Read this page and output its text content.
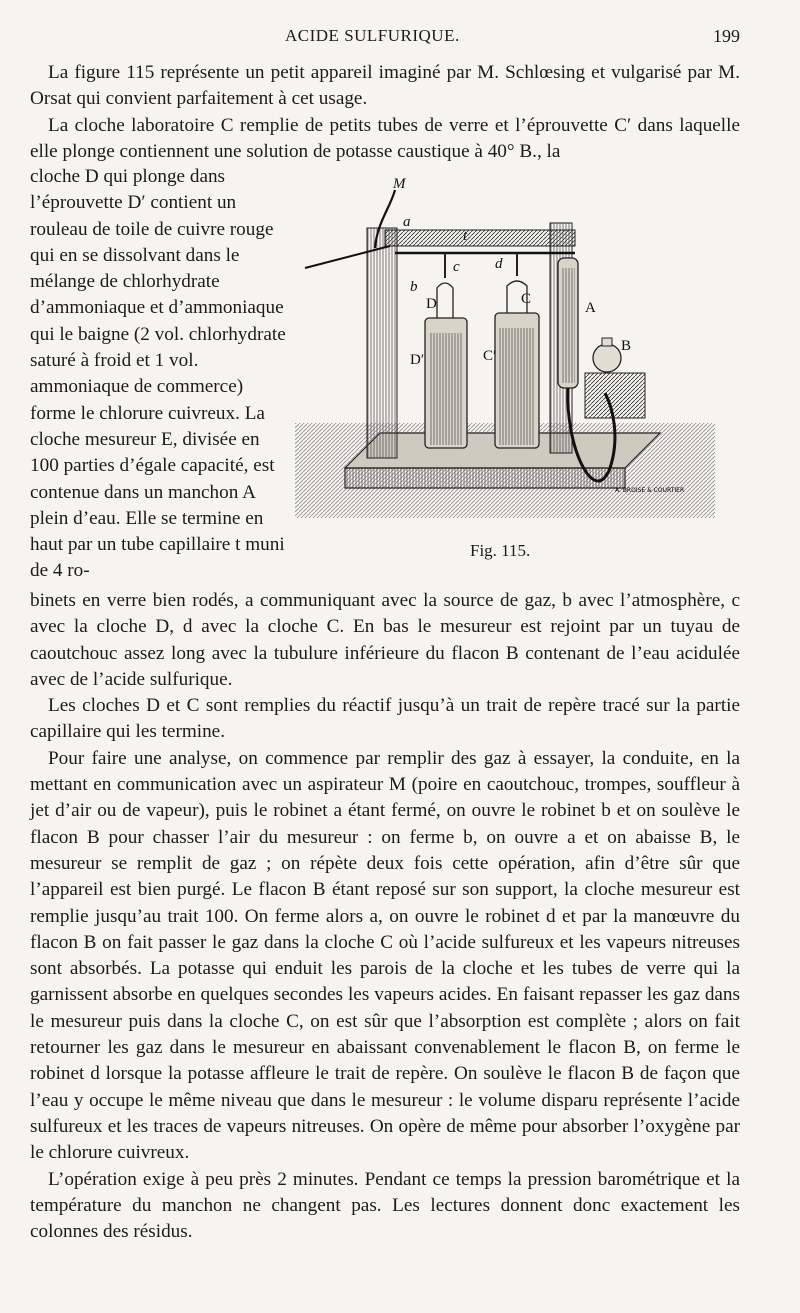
ACIDE SULFURIQUE.	199

La figure 115 représente un petit appareil imaginé par M. Schlœsing et vulgarisé par M. Orsat qui convient parfaitement à cet usage.

La cloche laboratoire C remplie de petits tubes de verre et l’éprouvette C′ dans laquelle elle plonge contiennent une solution de potasse caustique à 40° B., la

cloche D qui plonge dans l’éprouvette D′ contient un rouleau de toile de cuivre rouge qui en se dissolvant dans le mélange de chlorhydrate d’ammoniaque et d’ammoniaque qui le baigne (2 vol. chlorhydrate saturé à froid et 1 vol. ammoniaque de commerce) forme le chlorure cuivreux. La cloche mesureur E, divisée en 100 parties d’égale capacité, est contenue dans un manchon A plein d’eau. Elle se termine en haut par un tube capillaire t muni de 4 ro-

M
a
t
d
c
b
D	C
A
B
D′	C′
A. BROISE & COURTIER
Fig. 115.

binets en verre bien rodés, a communiquant avec la source de gaz, b avec l’atmosphère, c avec la cloche D, d avec la cloche C. En bas le mesureur est rejoint par un tuyau de caoutchouc assez long avec la tubulure inférieure du flacon B contenant de l’eau acidulée avec de l’acide sulfurique.

Les cloches D et C sont remplies du réactif jusqu’à un trait de repère tracé sur la partie capillaire qui les termine.

Pour faire une analyse, on commence par remplir des gaz à essayer, la conduite, en la mettant en communication avec un aspirateur M (poire en caoutchouc, trompes, souffleur à jet d’air ou de vapeur), puis le robinet a étant fermé, on ouvre le robinet b et on soulève le flacon B pour chasser l’air du mesureur : on ferme b, on ouvre a et on abaisse B, le mesureur se remplit de gaz ; on répète deux fois cette opération, afin d’être sûr que l’appareil est bien purgé. Le flacon B étant reposé sur son support, la cloche mesureur est remplie jusqu’au trait 100. On ferme alors a, on ouvre le robinet d et par la manœuvre du flacon B on fait passer le gaz dans la cloche C où l’acide sulfureux et les vapeurs nitreuses sont absorbés. La potasse qui enduit les parois de la cloche et les tubes de verre qui la garnissent absorbe en quelques secondes les vapeurs acides. En faisant repasser les gaz dans le mesureur puis dans la cloche C, on est sûr que l’absorption est complète ; alors on fait retourner les gaz dans le mesureur en abaissant convenablement le flacon B, on ferme le robinet d lorsque la potasse affleure le trait de repère. On soulève le flacon B de façon que l’eau y occupe le même niveau que dans le mesureur : le volume disparu représente l’acide sulfureux et les traces de vapeurs nitreuses. On opère de même pour absorber l’oxygène par le chlorure cuivreux.

L’opération exige à peu près 2 minutes. Pendant ce temps la pression barométrique et la température du manchon ne changent pas. Les lectures donnent donc exactement les colonnes des résidus.
